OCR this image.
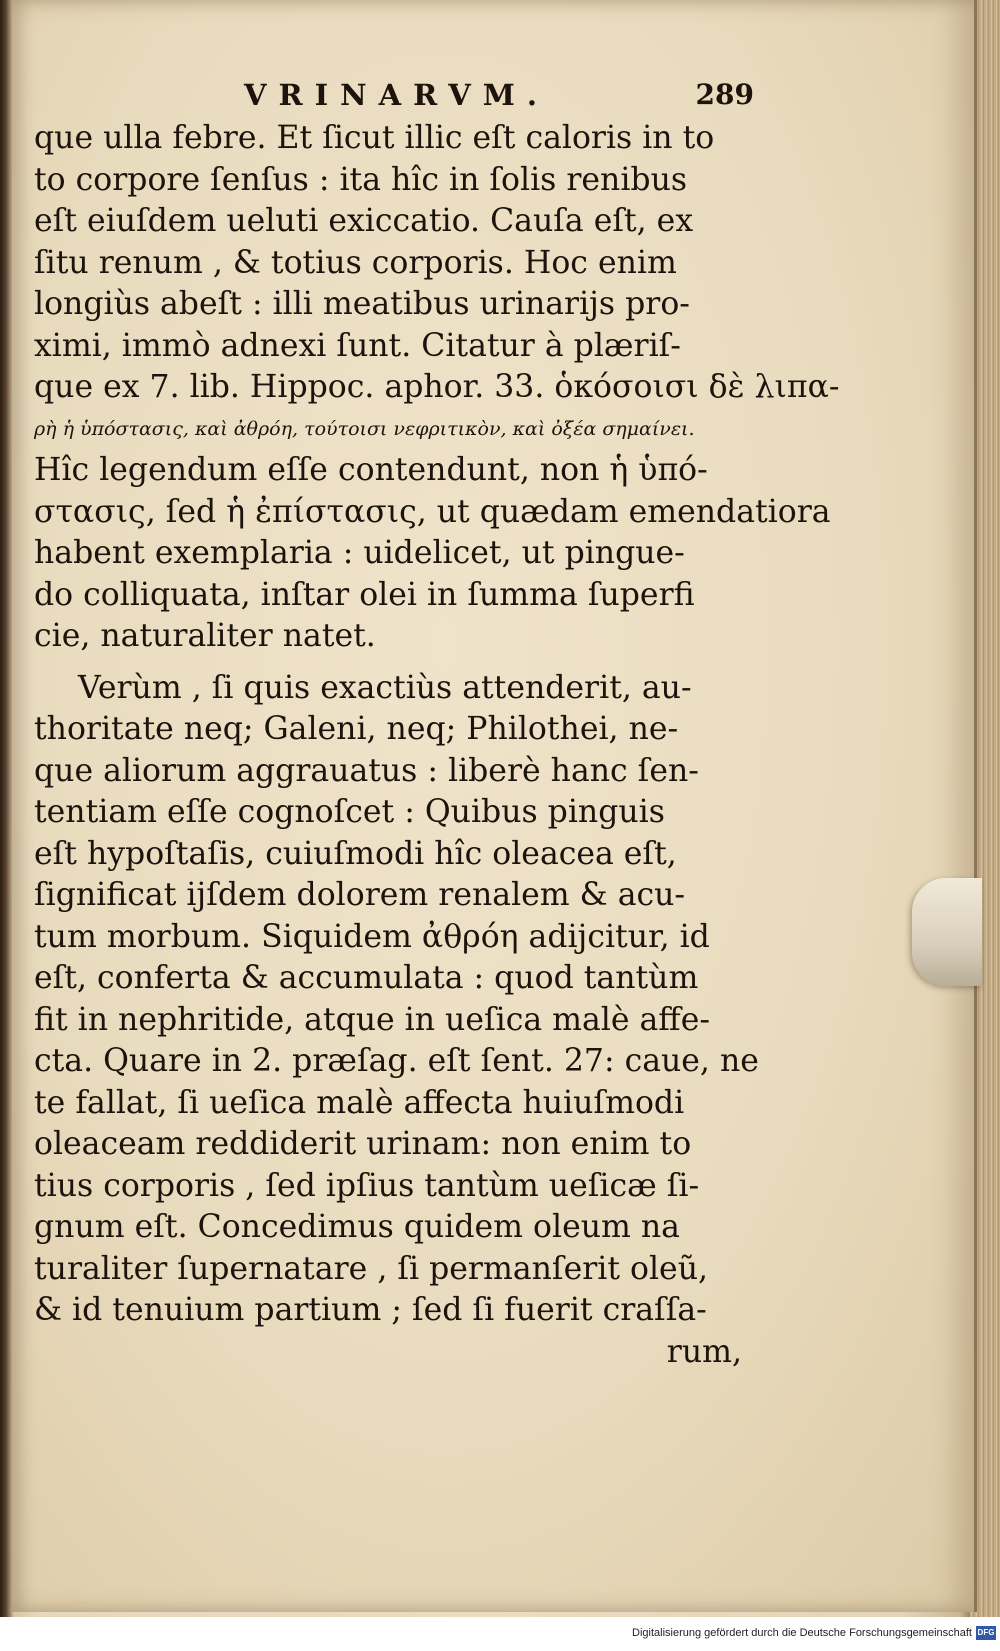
VRINARVM.	289
que ulla febre. Et ſicut illic eſt caloris in to
to corpore ſenſus : ita hîc in ſolis renibus
eſt eiuſdem ueluti exiccatio. Cauſa eſt, ex
ſitu renum , & totius corporis. Hoc enim
longiùs abeſt : illi meatibus urinarijs pro-
ximi, immò adnexi ſunt. Citatur à plæriſ-
que ex 7. lib. Hippoc. aphor. 33. ὁκόσοισι δὲ λιπα-
ρὴ ἡ ὑπόστασις, καὶ ἀθρόη, τούτοισι νεφριτικὸν, καὶ ὀξέα σημαίνει.
Hîc legendum eſſe contendunt, non ἡ ὑπό-
στασις, ſed ἡ ἐπίστασις, ut quædam emendatiora
habent exemplaria : uidelicet, ut pingue-
do colliquata, inſtar olei in ſumma ſuperfi
cie, naturaliter natet.
Verùm , ſi quis exactiùs attenderit, au-
thoritate neq; Galeni, neq; Philothei, ne-
que aliorum aggrauatus : liberè hanc ſen-
tentiam eſſe cognoſcet : Quibus pinguis
eſt hypoſtaſis, cuiuſmodi hîc oleacea eſt,
ſignificat ijſdem dolorem renalem & acu-
tum morbum. Siquidem ἀθρόη adijcitur, id
eſt, conferta & accumulata : quod tantùm
fit in nephritide, atque in ueſica malè affe-
cta. Quare in 2. præſag. eſt ſent. 27: caue, ne
te fallat, ſi ueſica malè affecta huiuſmodi
oleaceam reddiderit urinam: non enim to
tius corporis , ſed ipſius tantùm ueſicæ ſi-
gnum eſt. Concedimus quidem oleum na
turaliter ſupernatare , ſi permanſerit oleũ,
& id tenuium partium ; ſed ſi fuerit craſſa-
rum,
Digitalisierung gefördert durch die Deutsche Forschungsgemeinschaft DFG
